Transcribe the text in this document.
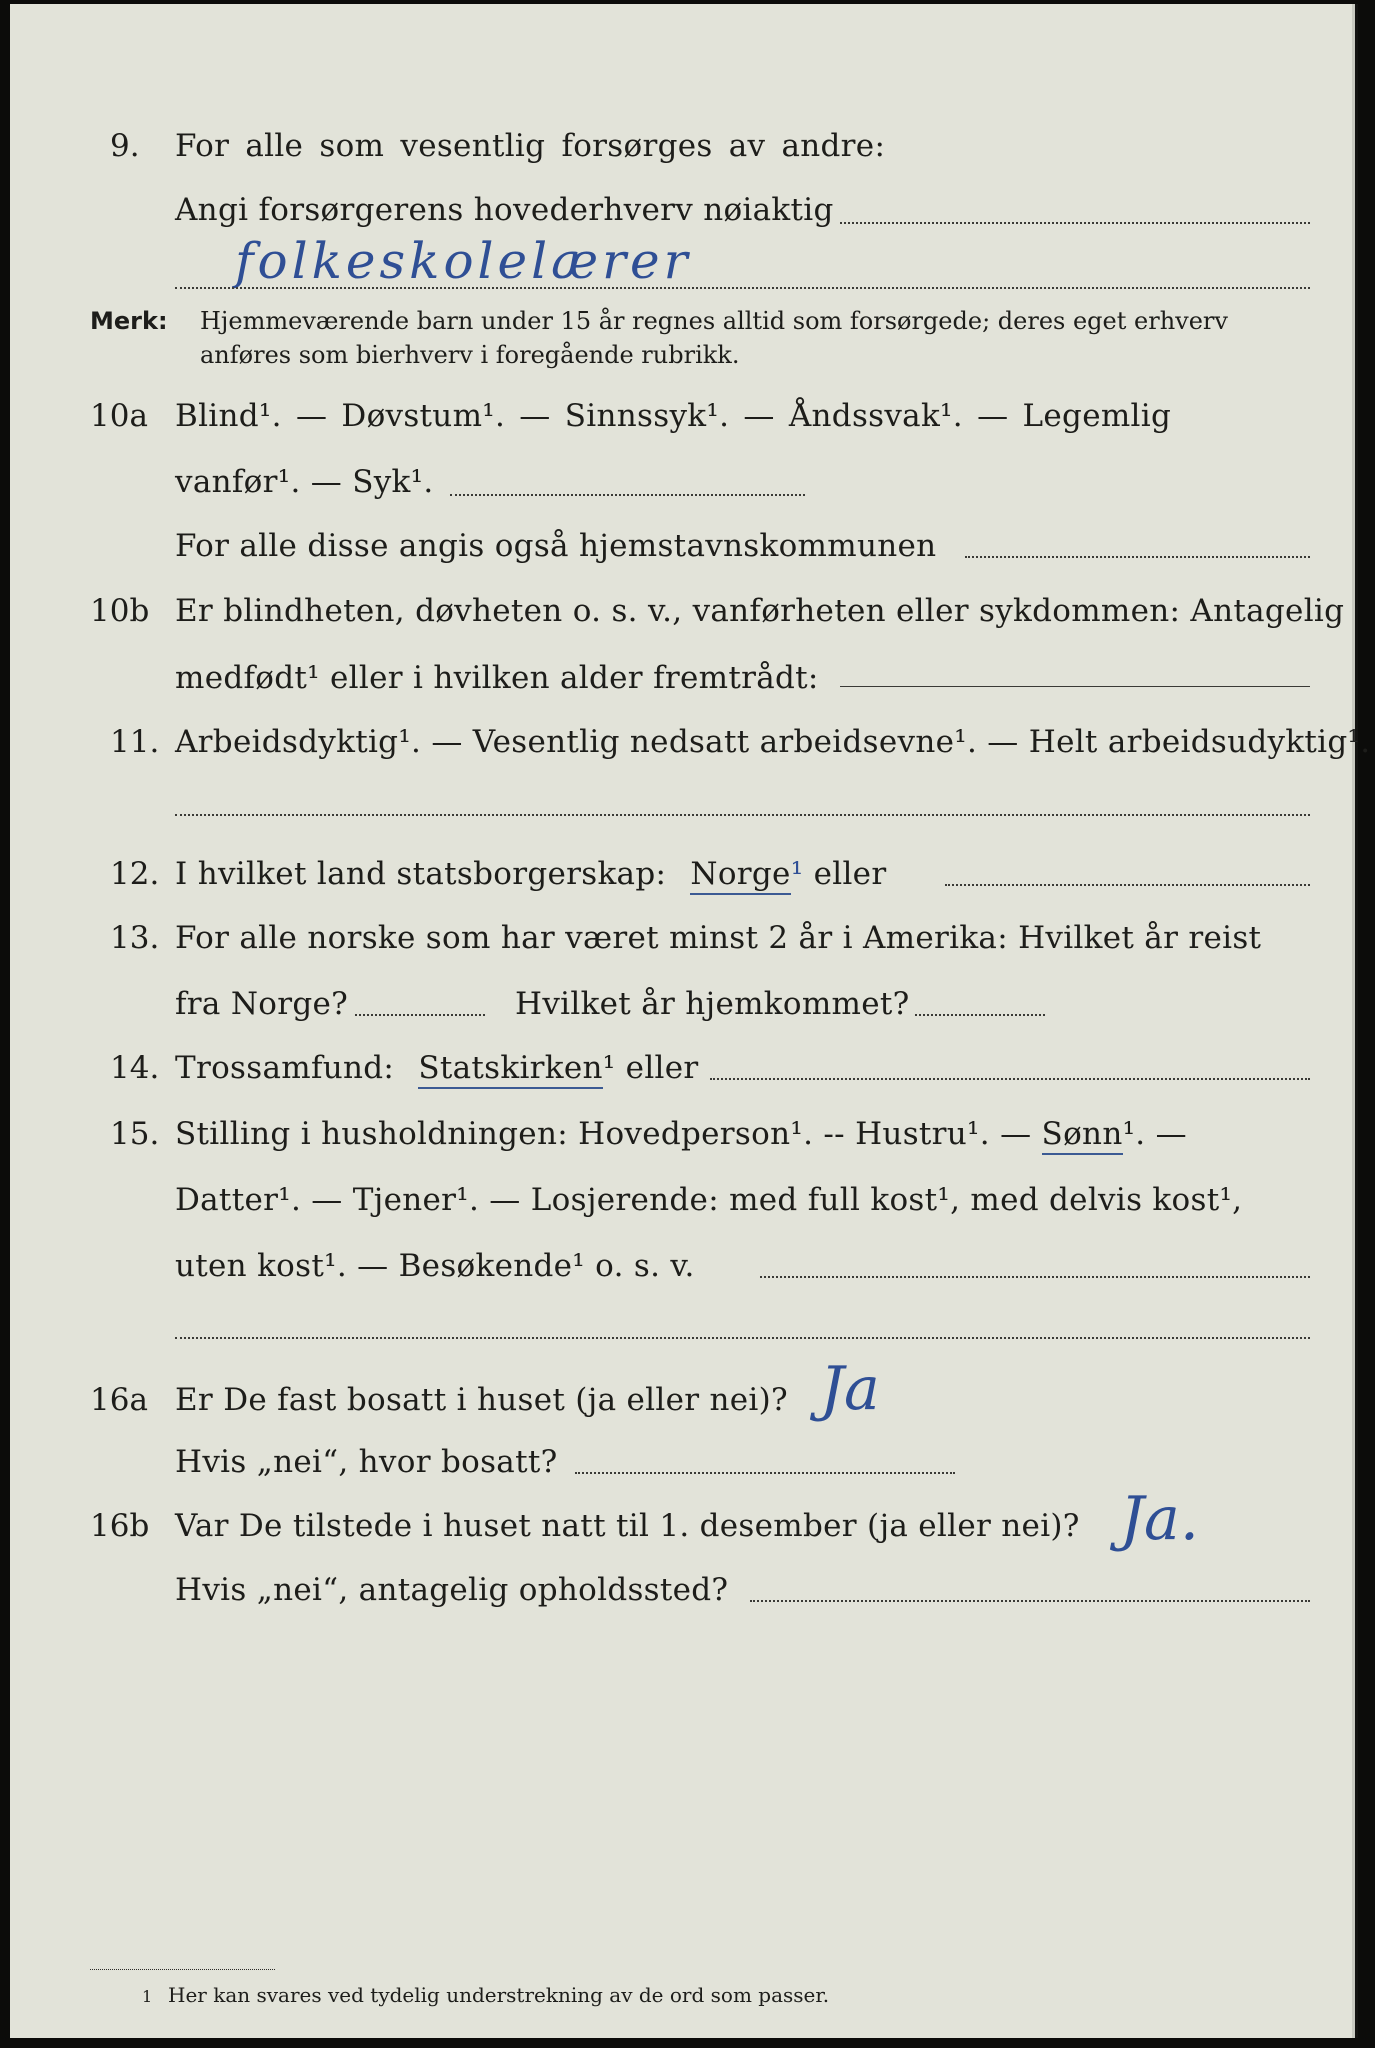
9. For alle som vesentlig forsørges av andre:
Angi forsørgerens hovederhverv nøiaktig
folkeskolelærer
Merk: Hjemmeværende barn under 15 år regnes alltid som forsørgede; deres eget erhverv
anføres som bierhverv i foregående rubrikk.
10a Blind¹. — Døvstum¹. — Sinnssyk¹. — Åndssvak¹. — Legemlig
vanfør¹. — Syk¹.
For alle disse angis også hjemstavnskommunen
10b Er blindheten, døvheten o. s. v., vanførheten eller sykdommen: Antagelig
medfødt¹ eller i hvilken alder fremtrådt:
11. Arbeidsdyktig¹. — Vesentlig nedsatt arbeidsevne¹. — Helt arbeidsudyktig¹.
12. I hvilket land statsborgerskap: Norge¹ eller
13. For alle norske som har været minst 2 år i Amerika: Hvilket år reist
fra Norge?	Hvilket år hjemkommet?
14. Trossamfund: Statskirken¹ eller
15. Stilling i husholdningen: Hovedperson¹. -- Hustru¹. — Sønn¹. —
Datter¹. — Tjener¹. — Losjerende: med full kost¹, med delvis kost¹,
uten kost¹. — Besøkende¹ o. s. v.
16a Er De fast bosatt i huset (ja eller nei)? Ja
Hvis „nei“, hvor bosatt?
16b Var De tilstede i huset natt til 1. desember (ja eller nei)? Ja.
Hvis „nei“, antagelig opholdssted?
1 Her kan svares ved tydelig understrekning av de ord som passer.
